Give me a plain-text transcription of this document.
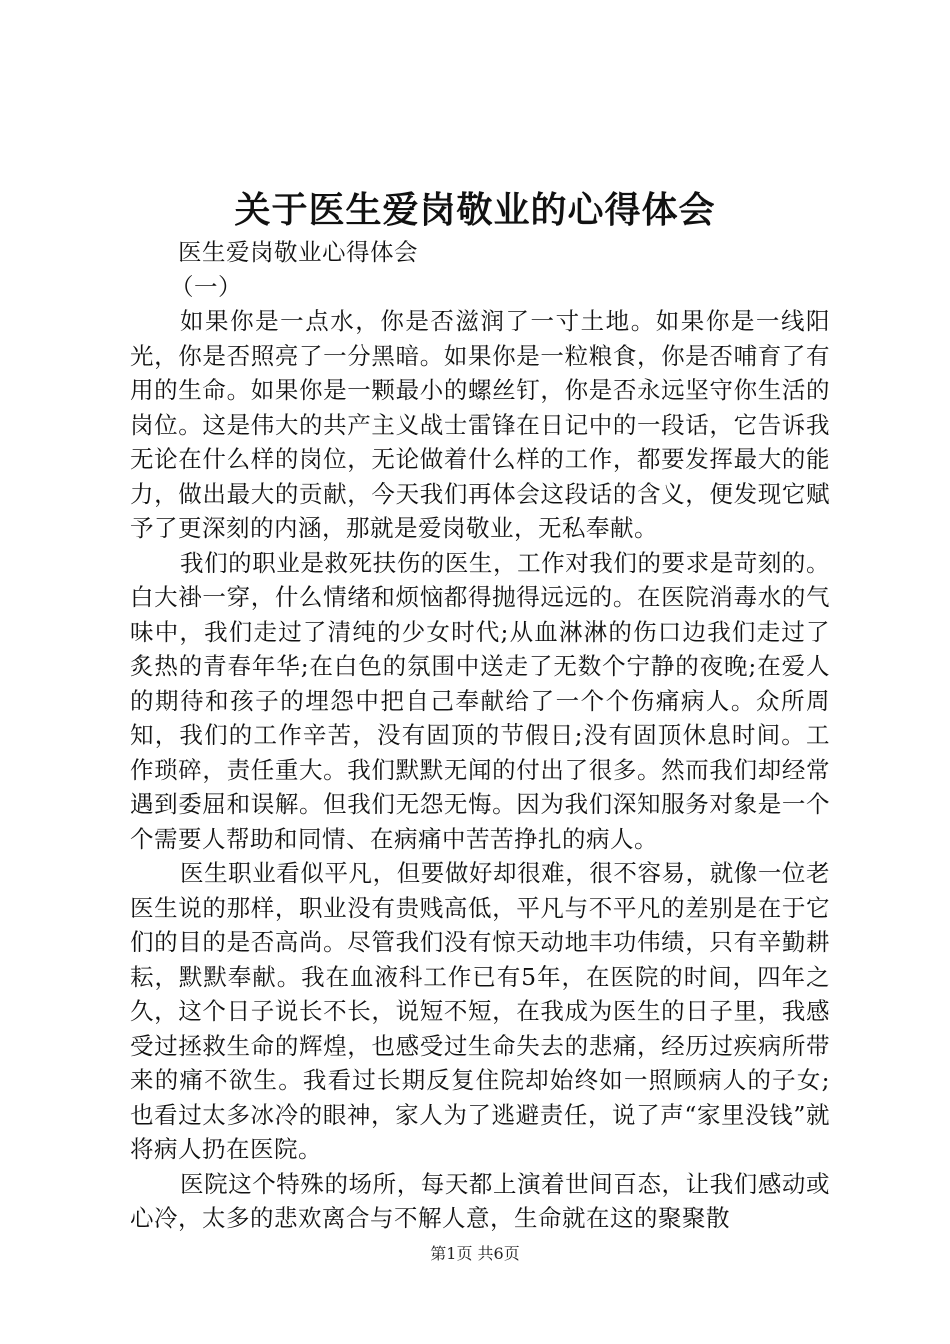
关于医生爱岗敬业的心得体会

医生爱岗敬业心得体会

（一）

如果你是一点水，你是否滋润了一寸土地。如果你是一线阳光，你是否照亮了一分黑暗。如果你是一粒粮食，你是否哺育了有用的生命。如果你是一颗最小的螺丝钉，你是否永远坚守你生活的岗位。这是伟大的共产主义战士雷锋在日记中的一段话，它告诉我无论在什么样的岗位，无论做着什么样的工作，都要发挥最大的能力，做出最大的贡献，今天我们再体会这段话的含义，便发现它赋予了更深刻的内涵，那就是爱岗敬业，无私奉献。

我们的职业是救死扶伤的医生，工作对我们的要求是苛刻的。白大褂一穿，什么情绪和烦恼都得抛得远远的。在医院消毒水的气味中，我们走过了清纯的少女时代;从血淋淋的伤口边我们走过了炙热的青春年华;在白色的氛围中送走了无数个宁静的夜晚;在爱人的期待和孩子的埋怨中把自己奉献给了一个个伤痛病人。众所周知，我们的工作辛苦，没有固顶的节假日;没有固顶休息时间。工作琐碎，责任重大。我们默默无闻的付出了很多。然而我们却经常遇到委屈和误解。但我们无怨无悔。因为我们深知服务对象是一个个需要人帮助和同情、在病痛中苦苦挣扎的病人。

医生职业看似平凡，但要做好却很难，很不容易，就像一位老医生说的那样，职业没有贵贱高低，平凡与不平凡的差别是在于它们的目的是否高尚。尽管我们没有惊天动地丰功伟绩，只有辛勤耕耘，默默奉献。我在血液科工作已有5年，在医院的时间，四年之久，这个日子说长不长，说短不短，在我成为医生的日子里，我感受过拯救生命的辉煌，也感受过生命失去的悲痛，经历过疾病所带来的痛不欲生。我看过长期反复住院却始终如一照顾病人的子女;也看过太多冰冷的眼神，家人为了逃避责任，说了声“家里没钱”就将病人扔在医院。

医院这个特殊的场所，每天都上演着世间百态，让我们感动或心冷，太多的悲欢离合与不解人意，生命就在这的聚聚散

第1页 共6页
